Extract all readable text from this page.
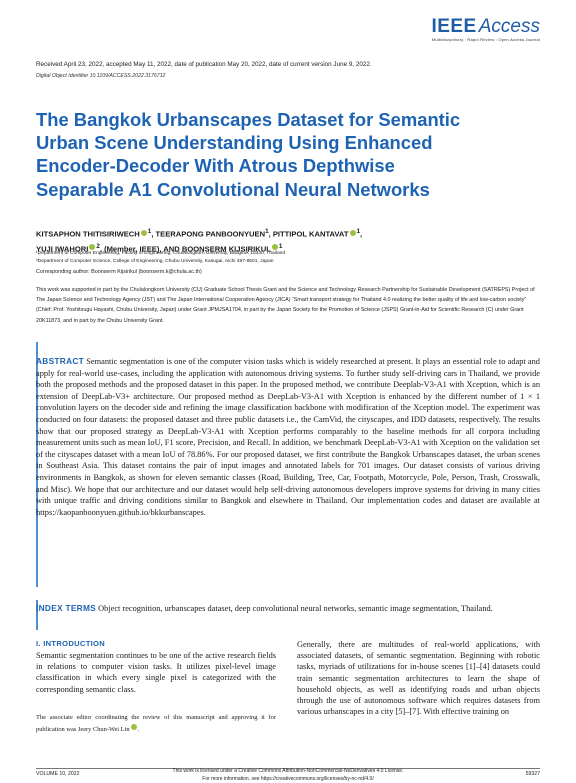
IEEE Access
Multidisciplinary : Rapid Review : Open Access Journal
Received April 23, 2022, accepted May 11, 2022, date of publication May 20, 2022, date of current version June 9, 2022.
Digital Object Identifier 10.1109/ACCESS.2022.3176712
The Bangkok Urbanscapes Dataset for Semantic Urban Scene Understanding Using Enhanced Encoder-Decoder With Atrous Depthwise Separable A1 Convolutional Neural Networks
KITSAPHON THITISIRIWECH $^1$, TEERAPONG PANBOONYUEN$^1$, PITTIPOL KANTAVAT $^1$,
YUJI IWAHORI $^2$, (Member, IEEE), AND BOONSERM KIJSIRIKUL $^1$
¹Department of Computer Engineering, Faculty of Engineering, Chulalongkorn University, Bangkok 10330, Thailand
²Department of Computer Science, College of Engineering, Chubu University, Kasugai, Aichi 487-8501, Japan
Corresponding author: Boonserm Kijsirikul (boonserm.k@chula.ac.th)
This work was supported in part by the Chulalongkorn University (CU) Graduate School Thesis Grant and the Science and Technology Research Partnership for Sustainable Development (SATREPS) Project of The Japan Science and Technology Agency (JST) and The Japan International Cooperation Agency (JICA) “Smart transport strategy for Thailand 4.0 realizing the better quality of life and low-carbon society” (Chief: Prof. Yoshitsugu Hayashi, Chubu University, Japan) under Grant JPMJSA1704, in part by the Japan Society for the Promotion of Science (JSPS) Grant-in-Aid for Scientific Research (C) under Grant 20K11873, and in part by the Chubu University Grant.
ABSTRACT Semantic segmentation is one of the computer vision tasks which is widely researched at present. It plays an essential role to adapt and apply for real-world use-cases, including the application with autonomous driving systems. To further study self-driving cars in Thailand, we provide both the proposed methods and the proposed dataset in this paper. In the proposed method, we contribute Deeplab-V3-A1 with Xception, which is an extension of DeepLab-V3+ architecture. Our proposed method as DeepLab-V3-A1 with Xception is enhanced by the different number of 1 × 1 convolution layers on the decoder side and refining the image classification backbone with modification of the Xception model. The experiment was conducted on four datasets: the proposed dataset and three public datasets i.e., the CamVid, the cityscapes, and IDD datasets, respectively. The results show that our proposed strategy as DeepLab-V3-A1 with Xception performs comparably to the baseline methods for all corpora including measurement units such as mean IoU, F1 score, Precision, and Recall. In addition, we benchmark DeepLab-V3-A1 with Xception on the validation set of the cityscapes dataset with a mean IoU of 78.86%. For our proposed dataset, we first contribute the Bangkok Urbanscapes dataset, the urban scenes in Southeast Asia. This dataset contains the pair of input images and annotated labels for 701 images. Our dataset consists of various driving environments in Bangkok, as shown for eleven semantic classes (Road, Building, Tree, Car, Footpath, Motorcycle, Pole, Person, Trash, Crosswalk, and Misc). We hope that our architecture and our dataset would help self-driving autonomous developers improve systems for driving in many cities with unique traffic and driving conditions similar to Bangkok and elsewhere in Thailand. Our implementation codes and dataset are available at https://kaopanboonyuen.github.io/bkkurbanscapes.
INDEX TERMS Object recognition, urbanscapes dataset, deep convolutional neural networks, semantic image segmentation, Thailand.
I. INTRODUCTION
Semantic segmentation continues to be one of the active research fields in relations to computer vision tasks. It utilizes pixel-level image classification in which every single pixel is categorized with the corresponding semantic class.
The associate editor coordinating the review of this manuscript and approving it for publication was Jeery Chun-Wei Lin .
Generally, there are multitudes of real-world applications, with associated datasets, of semantic segmentation. Beginning with robotic tasks, myriads of utilizations for in-house scenes [1]–[4] datasets could train semantic segmentation architectures to learn the shape of household objects, as well as identifying roads and urban objects through the use of autonomous software which requires datasets from various urbanscapes in a city [5]–[7]. With effective training on
VOLUME 10, 2022	This work is licensed under a Creative Commons Attribution-NonCommercial-NoDerivatives 4.0 License.
For more information, see https://creativecommons.org/licenses/by-nc-nd/4.0/
59327
